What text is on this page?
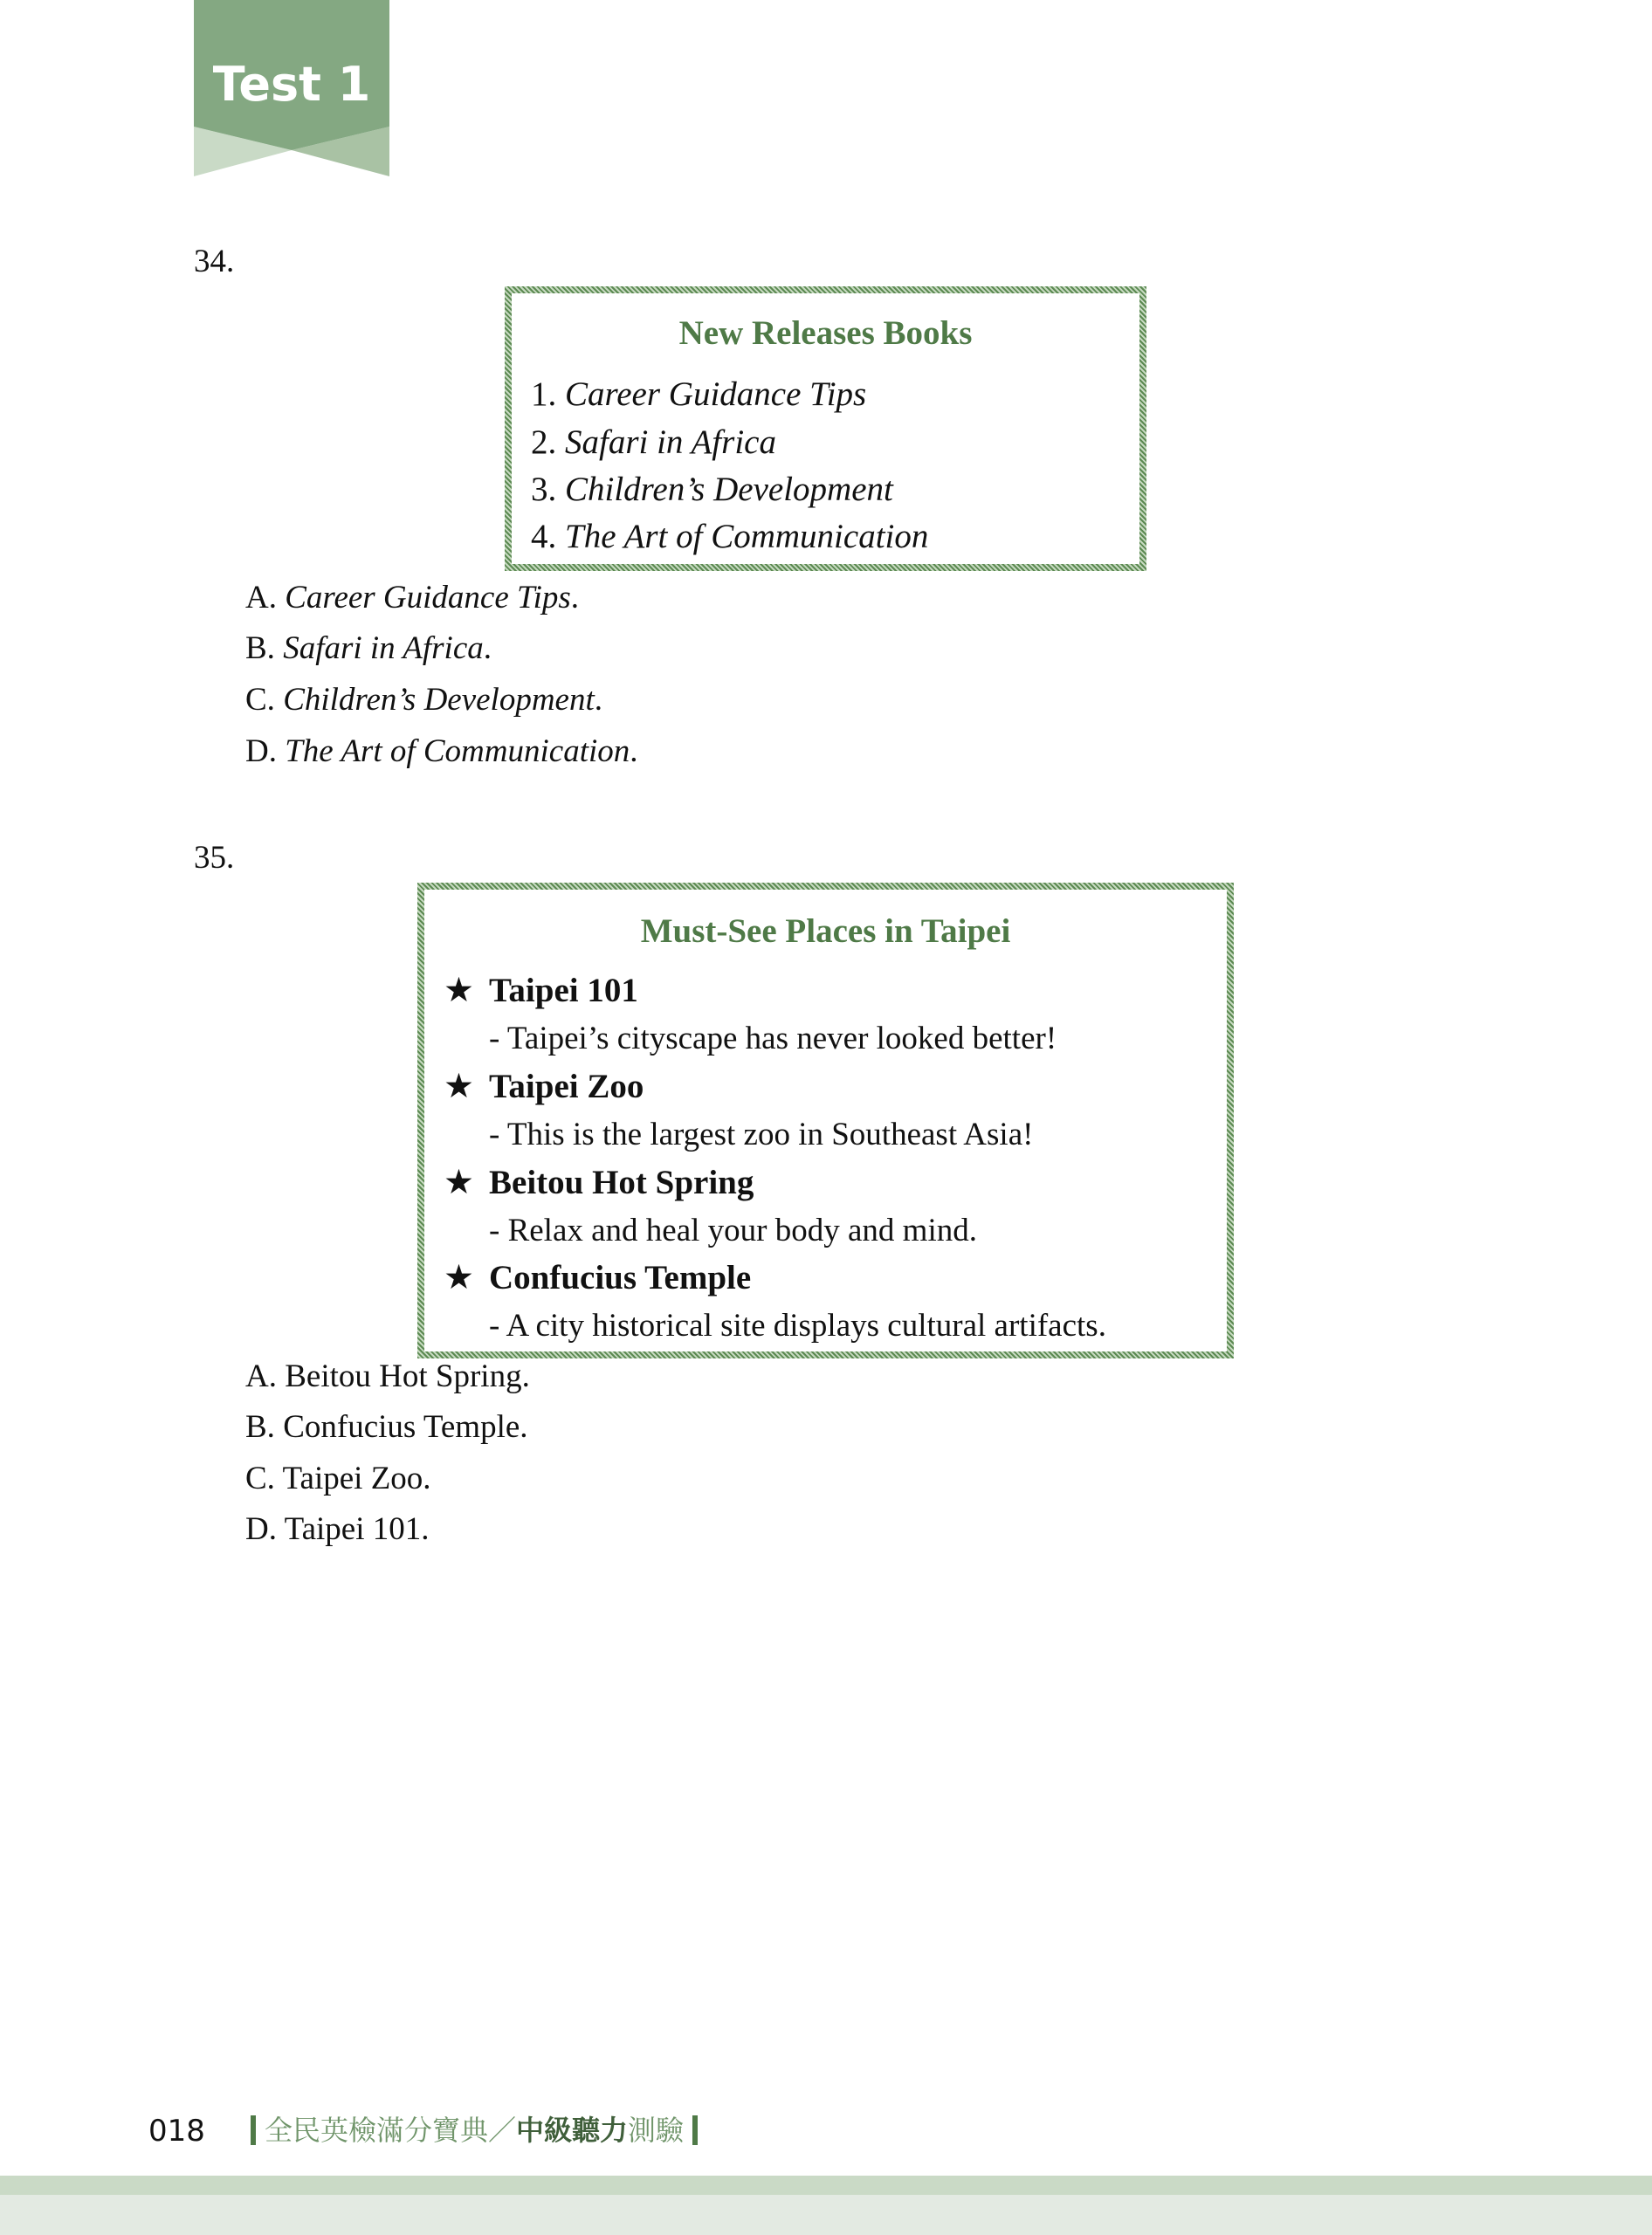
Test 1
34.
New Releases Books
1. Career Guidance Tips
2. Safari in Africa
3. Children’s Development
4. The Art of Communication
A. Career Guidance Tips.
B. Safari in Africa.
C. Children’s Development.
D. The Art of Communication.
35.
Must-See Places in Taipei
★ Taipei 101
- Taipei’s cityscape has never looked better!
★ Taipei Zoo
- This is the largest zoo in Southeast Asia!
★ Beitou Hot Spring
- Relax and heal your body and mind.
★ Confucius Temple
- A city historical site displays cultural artifacts.
A. Beitou Hot Spring.
B. Confucius Temple.
C. Taipei Zoo.
D. Taipei 101.
018 全民英檢滿分寶典／ 中級聽力 測驗
